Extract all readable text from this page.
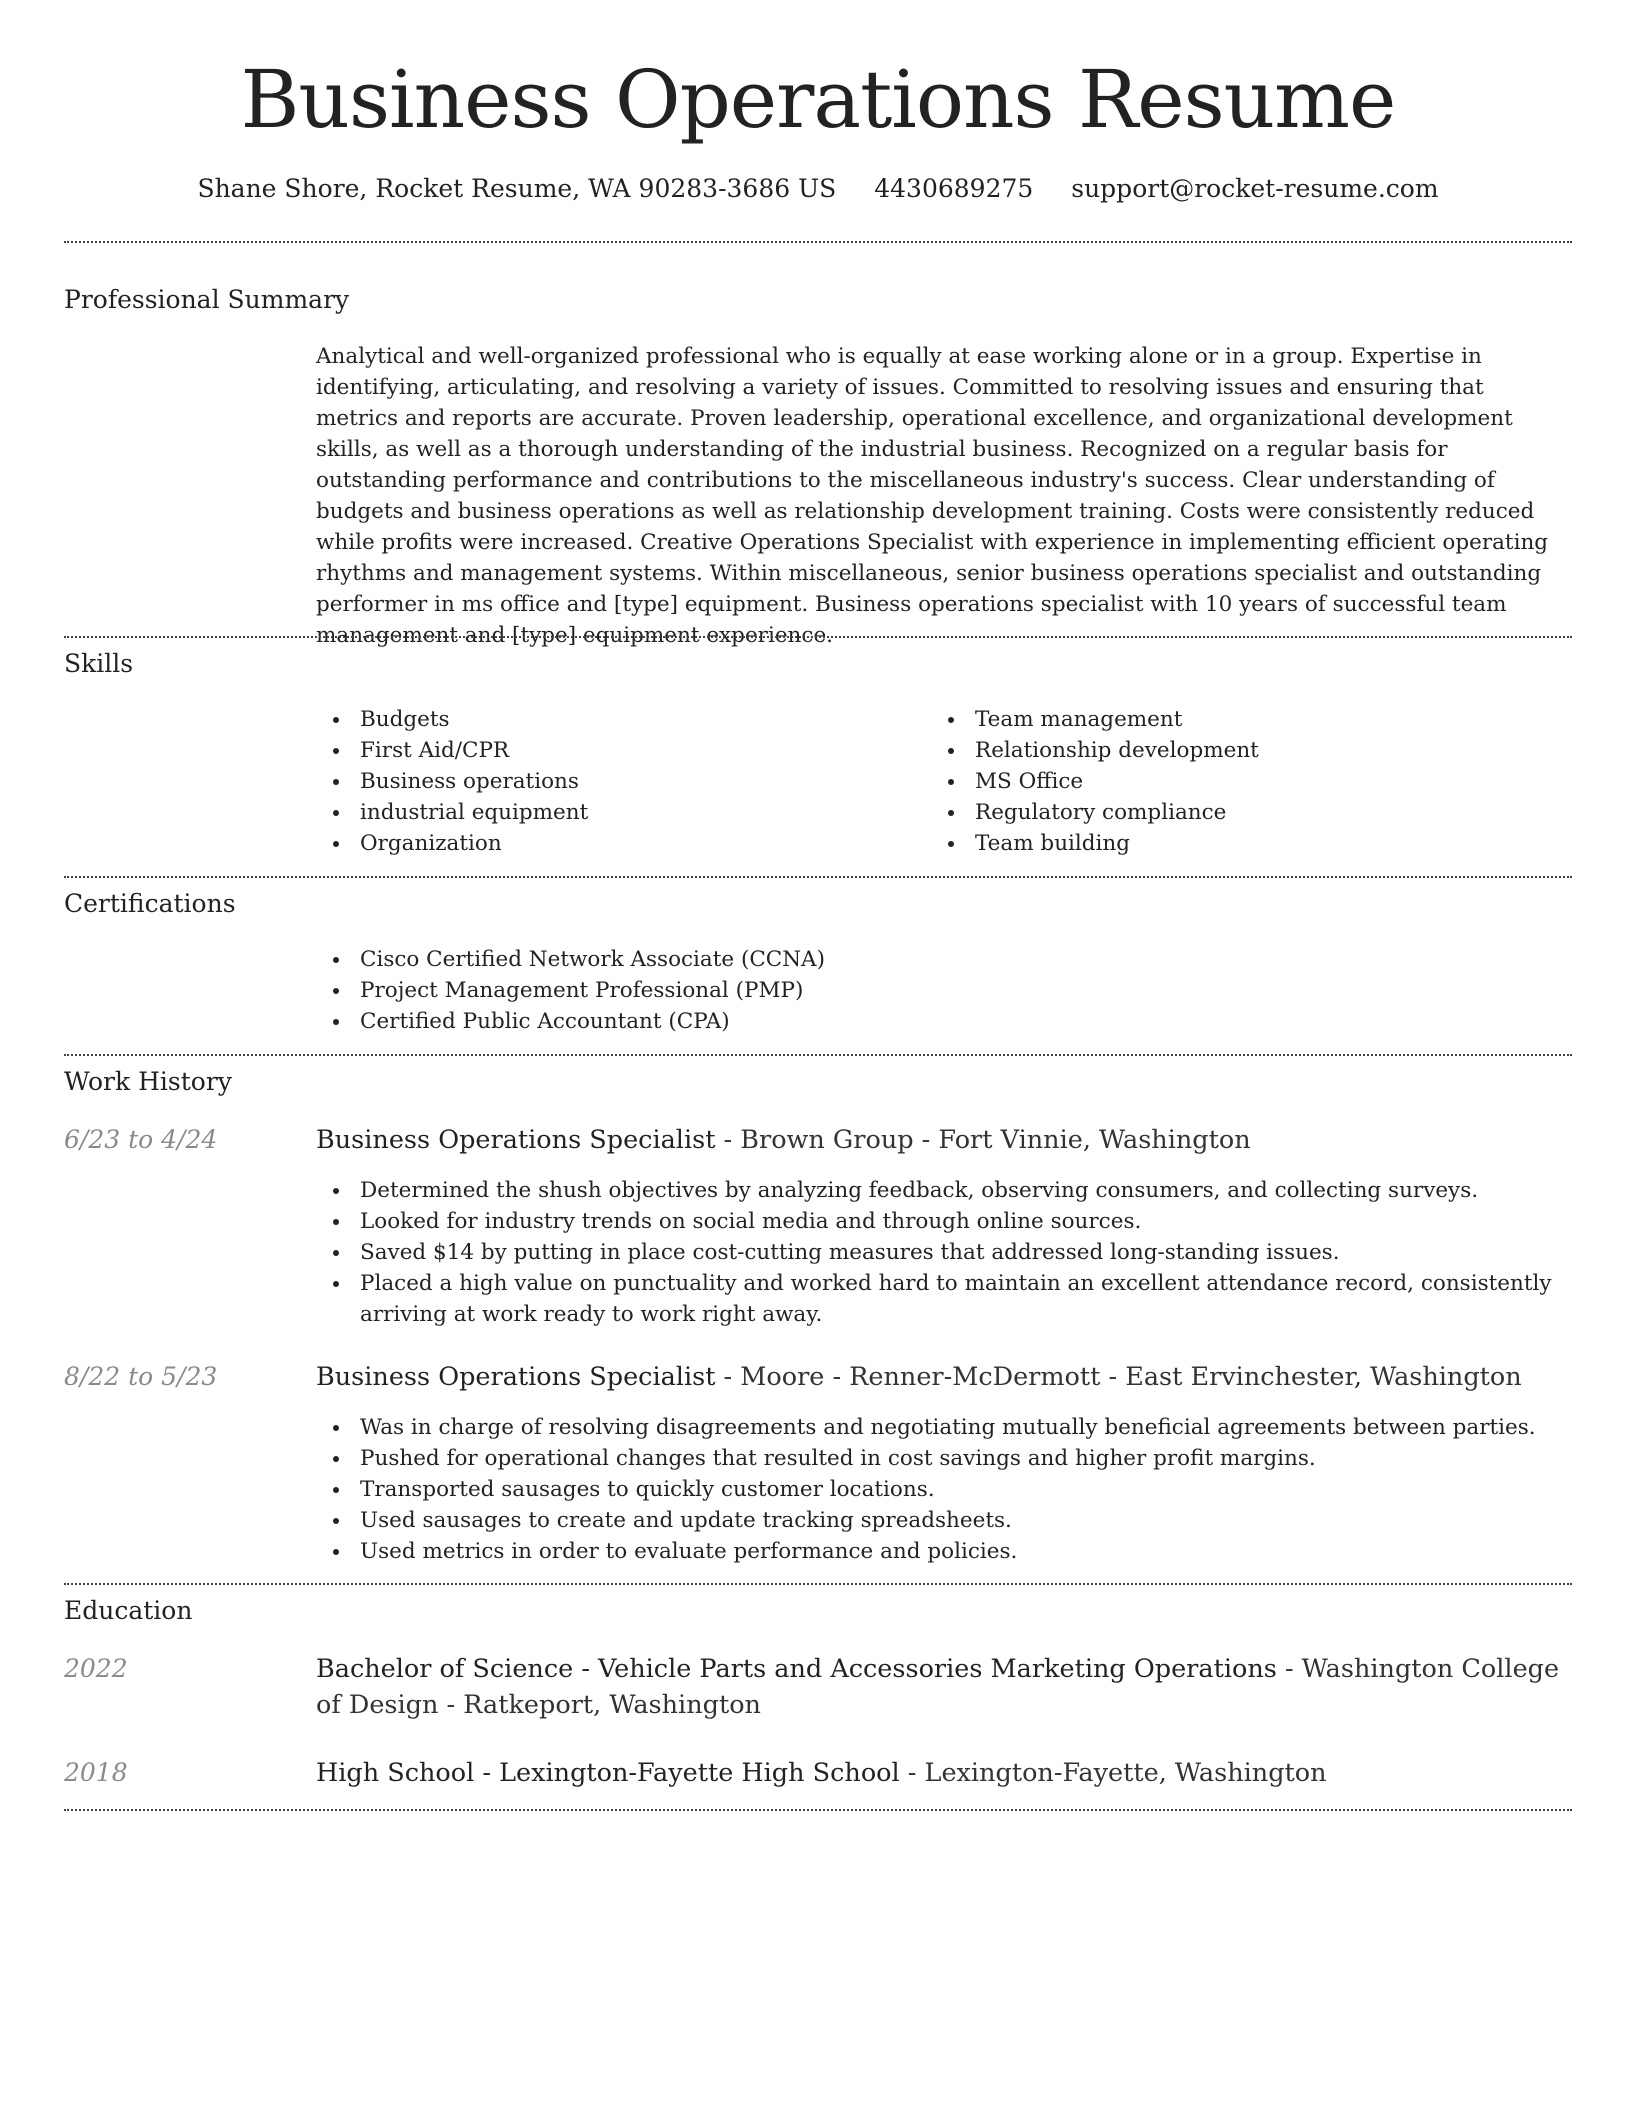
Business Operations Resume
Shane Shore, Rocket Resume, WA 90283-3686 US 4430689275 support@rocket-resume.com
Professional Summary

Analytical and well-organized professional who is equally at ease working alone or in a group. Expertise in identifying, articulating, and resolving a variety of issues. Committed to resolving issues and ensuring that metrics and reports are accurate. Proven leadership, operational excellence, and organizational development skills, as well as a thorough understanding of the industrial business. Recognized on a regular basis for outstanding performance and contributions to the miscellaneous industry's success. Clear understanding of budgets and business operations as well as relationship development training. Costs were consistently reduced while profits were increased. Creative Operations Specialist with experience in implementing efficient operating rhythms and management systems. Within miscellaneous, senior business operations specialist and outstanding performer in ms office and [type] equipment. Business operations specialist with 10 years of successful team management and [type] equipment experience.

Skills
Budgets
First Aid/CPR
Business operations
industrial equipment
Organization
Team management
Relationship development
MS Office
Regulatory compliance
Team building
Certifications
Cisco Certified Network Associate (CCNA)
Project Management Professional (PMP)
Certified Public Accountant (CPA)
Work History
6/23 to 4/24	Business Operations Specialist - Brown Group - Fort Vinnie, Washington
Determined the shush objectives by analyzing feedback, observing consumers, and collecting surveys.
Looked for industry trends on social media and through online sources.
Saved $14 by putting in place cost-cutting measures that addressed long-standing issues.
Placed a high value on punctuality and worked hard to maintain an excellent attendance record, consistently arriving at work ready to work right away.
8/22 to 5/23	Business Operations Specialist - Moore - Renner-McDermott - East Ervinchester, Washington
Was in charge of resolving disagreements and negotiating mutually beneficial agreements between parties.
Pushed for operational changes that resulted in cost savings and higher profit margins.
Transported sausages to quickly customer locations.
Used sausages to create and update tracking spreadsheets.
Used metrics in order to evaluate performance and policies.
Education
2022	Bachelor of Science - Vehicle Parts and Accessories Marketing Operations - Washington College of Design - Ratkeport, Washington
2018	High School - Lexington-Fayette High School - Lexington-Fayette, Washington
